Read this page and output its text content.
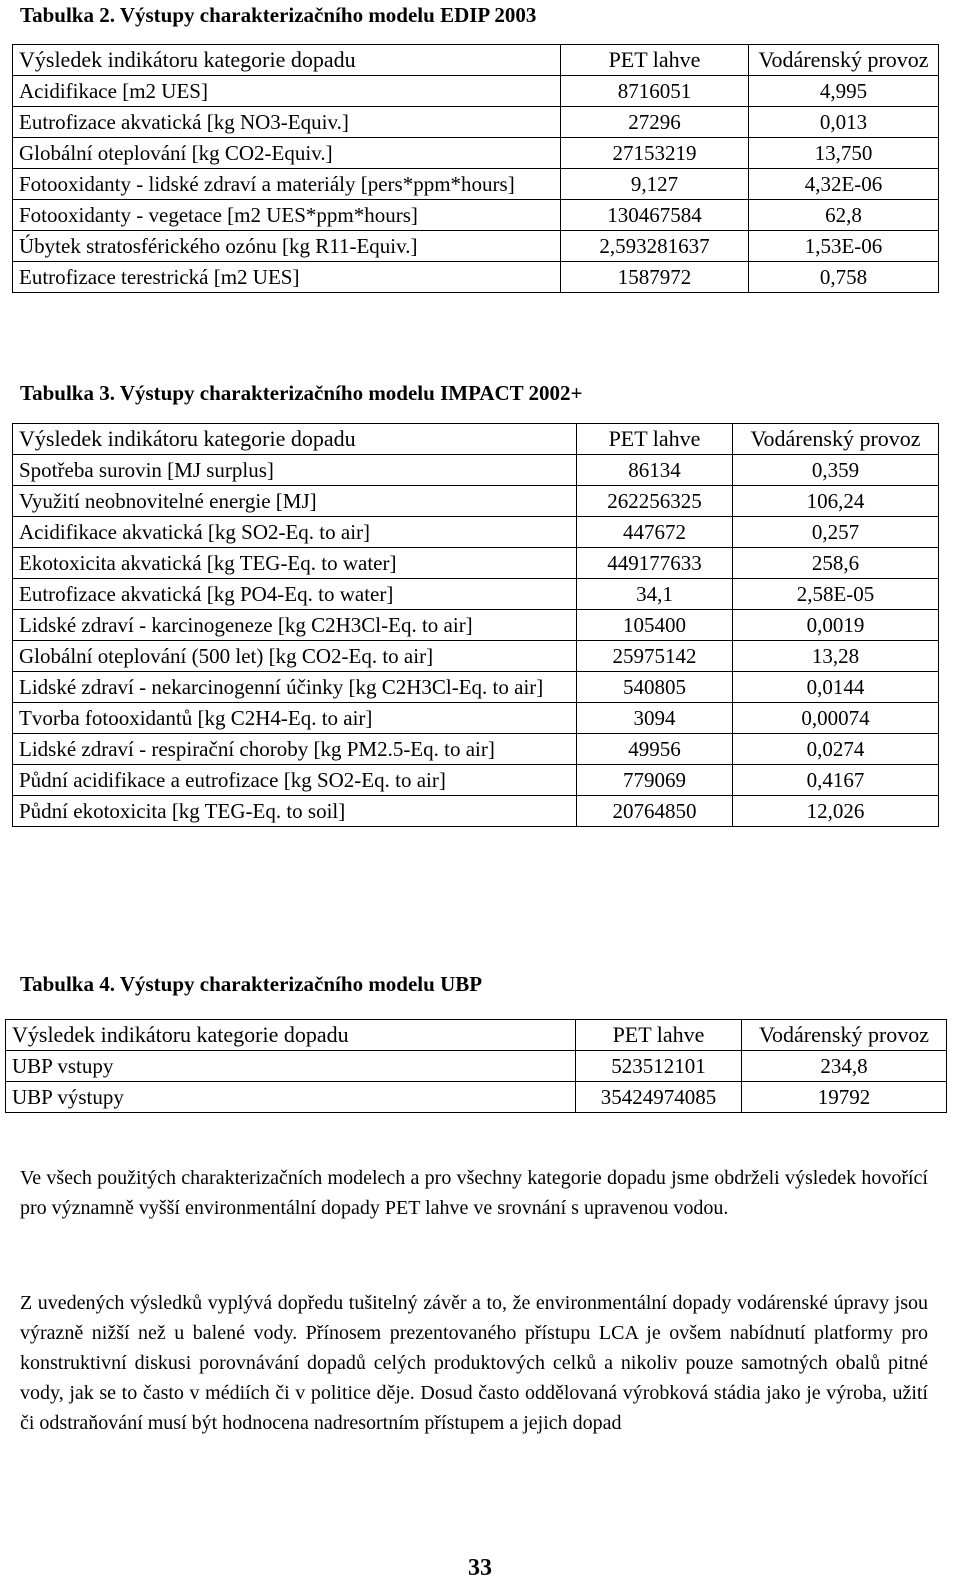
Tabulka 2. Výstupy charakterizačního modelu EDIP 2003
Výsledek indikátoru kategorie dopadu	PET lahve	Vodárenský provoz
Acidifikace [m2 UES]	8716051	4,995
Eutrofizace akvatická [kg NO3-Equiv.]	27296	0,013
Globální oteplování [kg CO2-Equiv.]	27153219	13,750
Fotooxidanty - lidské zdraví a materiály [pers*ppm*hours]	9,127	4,32E-06
Fotooxidanty - vegetace [m2 UES*ppm*hours]	130467584	62,8
Úbytek stratosférického ozónu [kg R11-Equiv.]	2,593281637	1,53E-06
Eutrofizace terestrická [m2 UES]	1587972	0,758
Tabulka 3. Výstupy charakterizačního modelu IMPACT 2002+
Výsledek indikátoru kategorie dopadu	PET lahve	Vodárenský provoz
Spotřeba surovin [MJ surplus]	86134	0,359
Využití neobnovitelné energie [MJ]	262256325	106,24
Acidifikace akvatická [kg SO2-Eq. to air]	447672	0,257
Ekotoxicita akvatická [kg TEG-Eq. to water]	449177633	258,6
Eutrofizace akvatická [kg PO4-Eq. to water]	34,1	2,58E-05
Lidské zdraví - karcinogeneze [kg C2H3Cl-Eq. to air]	105400	0,0019
Globální oteplování (500 let) [kg CO2-Eq. to air]	25975142	13,28
Lidské zdraví - nekarcinogenní účinky [kg C2H3Cl-Eq. to air]	540805	0,0144
Tvorba fotooxidantů [kg C2H4-Eq. to air]	3094	0,00074
Lidské zdraví - respirační choroby [kg PM2.5-Eq. to air]	49956	0,0274
Půdní acidifikace a eutrofizace [kg SO2-Eq. to air]	779069	0,4167
Půdní ekotoxicita [kg TEG-Eq. to soil]	20764850	12,026
Tabulka 4. Výstupy charakterizačního modelu UBP
Výsledek indikátoru kategorie dopadu	PET lahve	Vodárenský provoz
UBP vstupy	523512101	234,8
UBP výstupy	35424974085	19792

Ve všech použitých charakterizačních modelech a pro všechny kategorie dopadu jsme obdrželi výsledek hovořící pro významně vyšší environmentální dopady PET lahve ve srovnání s upravenou vodou.

Z uvedených výsledků vyplývá dopředu tušitelný závěr a to, že environmentální dopady vodárenské úpravy jsou výrazně nižší než u balené vody. Přínosem prezentovaného přístupu LCA je ovšem nabídnutí platformy pro konstruktivní diskusi porovnávání dopadů celých produktových celků a nikoliv pouze samotných obalů pitné vody, jak se to často v médiích či v politice děje. Dosud často oddělovaná výrobková stádia jako je výroba, užití či odstraňování musí být hodnocena nadresortním přístupem a jejich dopad

33
